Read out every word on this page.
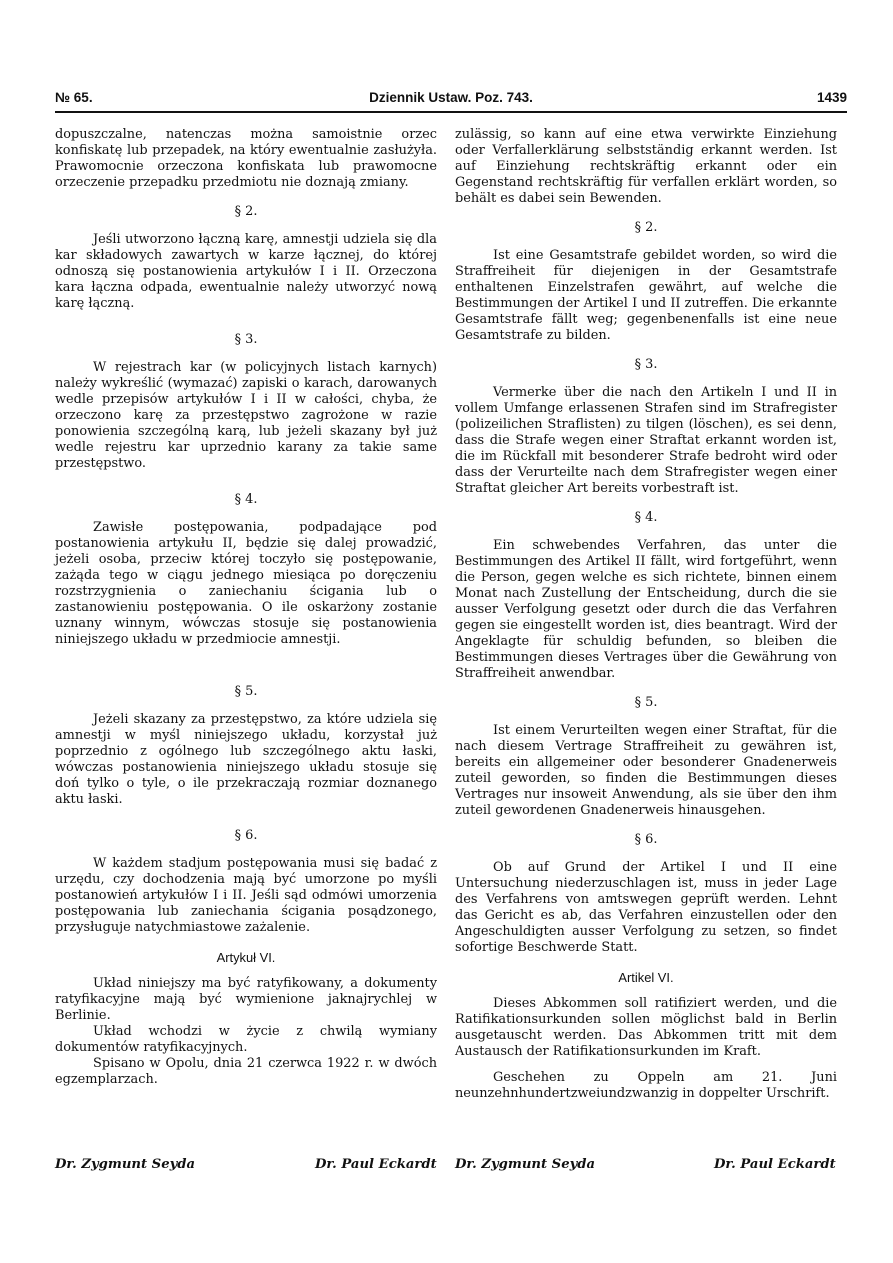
№ 65.	Dziennik Ustaw. Poz. 743.	1439

dopuszczalne, natenczas można samoistnie orzec konfiskatę lub przepadek, na który ewentualnie zasłużyła. Prawomocnie orzeczona konfiskata lub prawomocne orzeczenie przepadku przedmiotu nie doznają zmiany.

§ 2.

Jeśli utworzono łączną karę, amnestji udziela się dla kar składowych zawartych w karze łącznej, do której odnoszą się postanowienia artykułów I i II. Orzeczona kara łączna odpada, ewentualnie należy utworzyć nową karę łączną.

§ 3.

W rejestrach kar (w policyjnych listach karnych) należy wykreślić (wymazać) zapiski o karach, darowanych wedle przepisów artykułów I i II w całości, chyba, że orzeczono karę za przestępstwo zagrożone w razie ponowienia szczególną karą, lub jeżeli skazany był już wedle rejestru kar uprzednio karany za takie same przestępstwo.

§ 4.

Zawisłe postępowania, podpadające pod postanowienia artykułu II, będzie się dalej prowadzić, jeżeli osoba, przeciw której toczyło się postępowanie, zażąda tego w ciągu jednego miesiąca po doręczeniu rozstrzygnienia o zaniechaniu ścigania lub o zastanowieniu postępowania. O ile oskarżony zostanie uznany winnym, wówczas stosuje się postanowienia niniejszego układu w przedmiocie amnestji.

§ 5.

Jeżeli skazany za przestępstwo, za które udziela się amnestji w myśl niniejszego układu, korzystał już poprzednio z ogólnego lub szczególnego aktu łaski, wówczas postanowienia niniejszego układu stosuje się doń tylko o tyle, o ile przekraczają rozmiar doznanego aktu łaski.

§ 6.

W każdem stadjum postępowania musi się badać z urzędu, czy dochodzenia mają być umorzone po myśli postanowień artykułów I i II. Jeśli sąd odmówi umorzenia postępowania lub zaniechania ścigania posądzonego, przysługuje natychmiastowe zażalenie.

Artykuł VI.

Układ niniejszy ma być ratyfikowany, a dokumenty ratyfikacyjne mają być wymienione jaknajrychlej w Berlinie.

Układ wchodzi w życie z chwilą wymiany dokumentów ratyfikacyjnych.

Spisano w Opolu, dnia 21 czerwca 1922 r. w dwóch egzemplarzach.

zulässig, so kann auf eine etwa verwirkte Einziehung oder Verfallerklärung selbstständig erkannt werden. Ist auf Einziehung rechtskräftig erkannt oder ein Gegenstand rechtskräftig für verfallen erklärt worden, so behält es dabei sein Bewenden.

§ 2.

Ist eine Gesamtstrafe gebildet worden, so wird die Straffreiheit für diejenigen in der Gesamtstrafe enthaltenen Einzelstrafen gewährt, auf welche die Bestimmungen der Artikel I und II zutreffen. Die erkannte Gesamtstrafe fällt weg; gegenbenenfalls ist eine neue Gesamtstrafe zu bilden.

§ 3.

Vermerke über die nach den Artikeln I und II in vollem Umfange erlassenen Strafen sind im Strafregister (polizeilichen Straflisten) zu tilgen (löschen), es sei denn, dass die Strafe wegen einer Straftat erkannt worden ist, die im Rückfall mit besonderer Strafe bedroht wird oder dass der Verurteilte nach dem Strafregister wegen einer Straftat gleicher Art bereits vorbestraft ist.

§ 4.

Ein schwebendes Verfahren, das unter die Bestimmungen des Artikel II fällt, wird fortgeführt, wenn die Person, gegen welche es sich richtete, binnen einem Monat nach Zustellung der Entscheidung, durch die sie ausser Verfolgung gesetzt oder durch die das Verfahren gegen sie eingestellt worden ist, dies beantragt. Wird der Angeklagte für schuldig befunden, so bleiben die Bestimmungen dieses Vertrages über die Gewährung von Straffreiheit anwendbar.

§ 5.

Ist einem Verurteilten wegen einer Straftat, für die nach diesem Vertrage Straffreiheit zu gewähren ist, bereits ein allgemeiner oder besonderer Gnadenerweis zuteil geworden, so finden die Bestimmungen dieses Vertrages nur insoweit Anwendung, als sie über den ihm zuteil gewordenen Gnadenerweis hinausgehen.

§ 6.

Ob auf Grund der Artikel I und II eine Untersuchung niederzuschlagen ist, muss in jeder Lage des Verfahrens von amtswegen geprüft werden. Lehnt das Gericht es ab, das Verfahren einzustellen oder den Angeschuldigten ausser Verfolgung zu setzen, so findet sofortige Beschwerde Statt.

Artikel VI.

Dieses Abkommen soll ratifiziert werden, und die Ratifikationsurkunden sollen möglichst bald in Berlin ausgetauscht werden. Das Abkommen tritt mit dem Austausch der Ratifikationsurkunden im Kraft.

Geschehen zu Oppeln am 21. Juni neunzehnhundertzweiundzwanzig in doppelter Urschrift.

Dr. Zygmunt Seyda	Dr. Paul Eckardt Dr. Zygmunt Seyda	Dr. Paul Eckardt
